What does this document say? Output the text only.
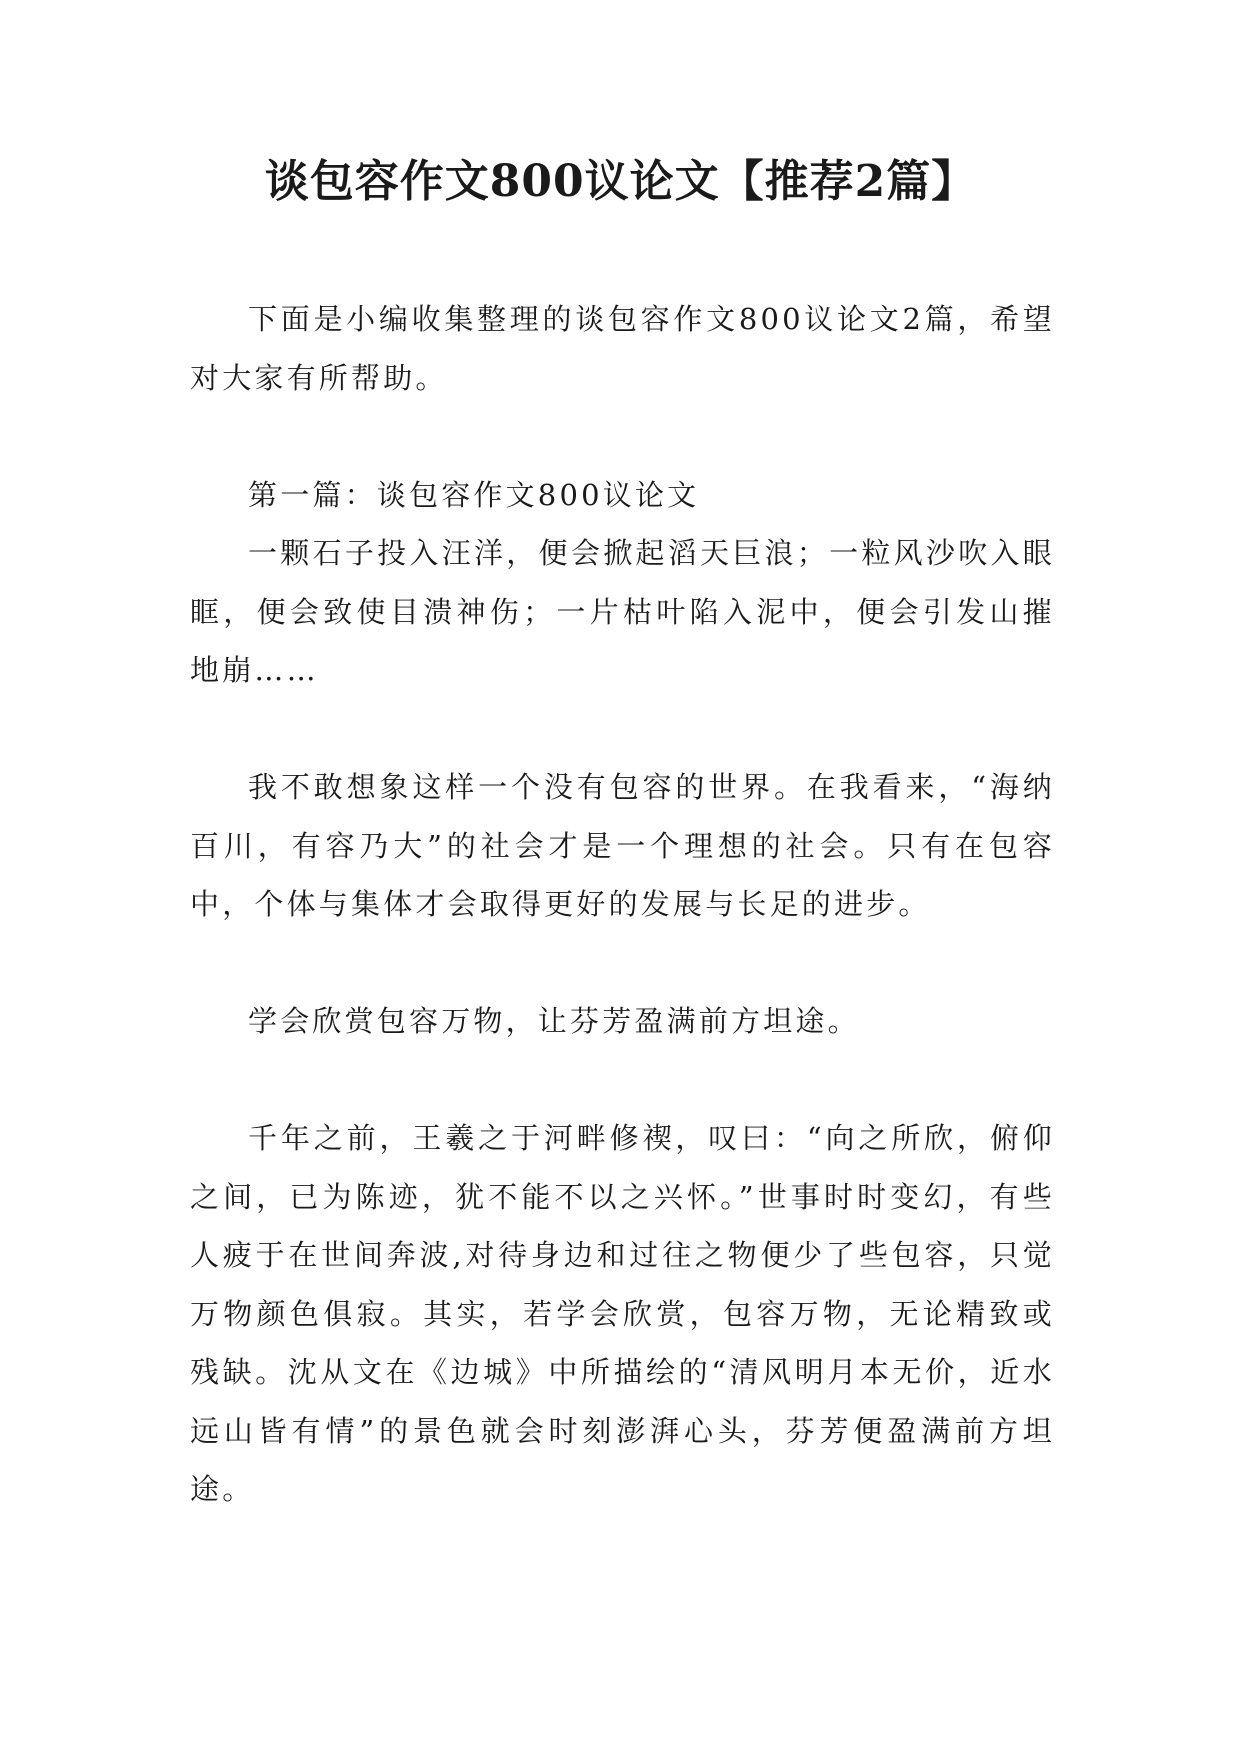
谈包容作文800议论文【推荐2篇】

下面是小编收集整理的谈包容作文800议论文2篇，希望对大家有所帮助。

第一篇：谈包容作文800议论文

一颗石子投入汪洋，便会掀起滔天巨浪；一粒风沙吹入眼眶，便会致使目溃神伤；一片枯叶陷入泥中，便会引发山摧地崩……

我不敢想象这样一个没有包容的世界。在我看来，“海纳百川，有容乃大”的社会才是一个理想的社会。只有在包容中，个体与集体才会取得更好的发展与长足的进步。

学会欣赏包容万物，让芬芳盈满前方坦途。

千年之前，王羲之于河畔修禊，叹曰：“向之所欣，俯仰之间，已为陈迹，犹不能不以之兴怀。”世事时时变幻，有些人疲于在世间奔波,对待身边和过往之物便少了些包容，只觉万物颜色俱寂。其实，若学会欣赏，包容万物，无论精致或残缺。沈从文在《边城》中所描绘的“清风明月本无价，近水远山皆有情”的景色就会时刻澎湃心头，芬芳便盈满前方坦途。
